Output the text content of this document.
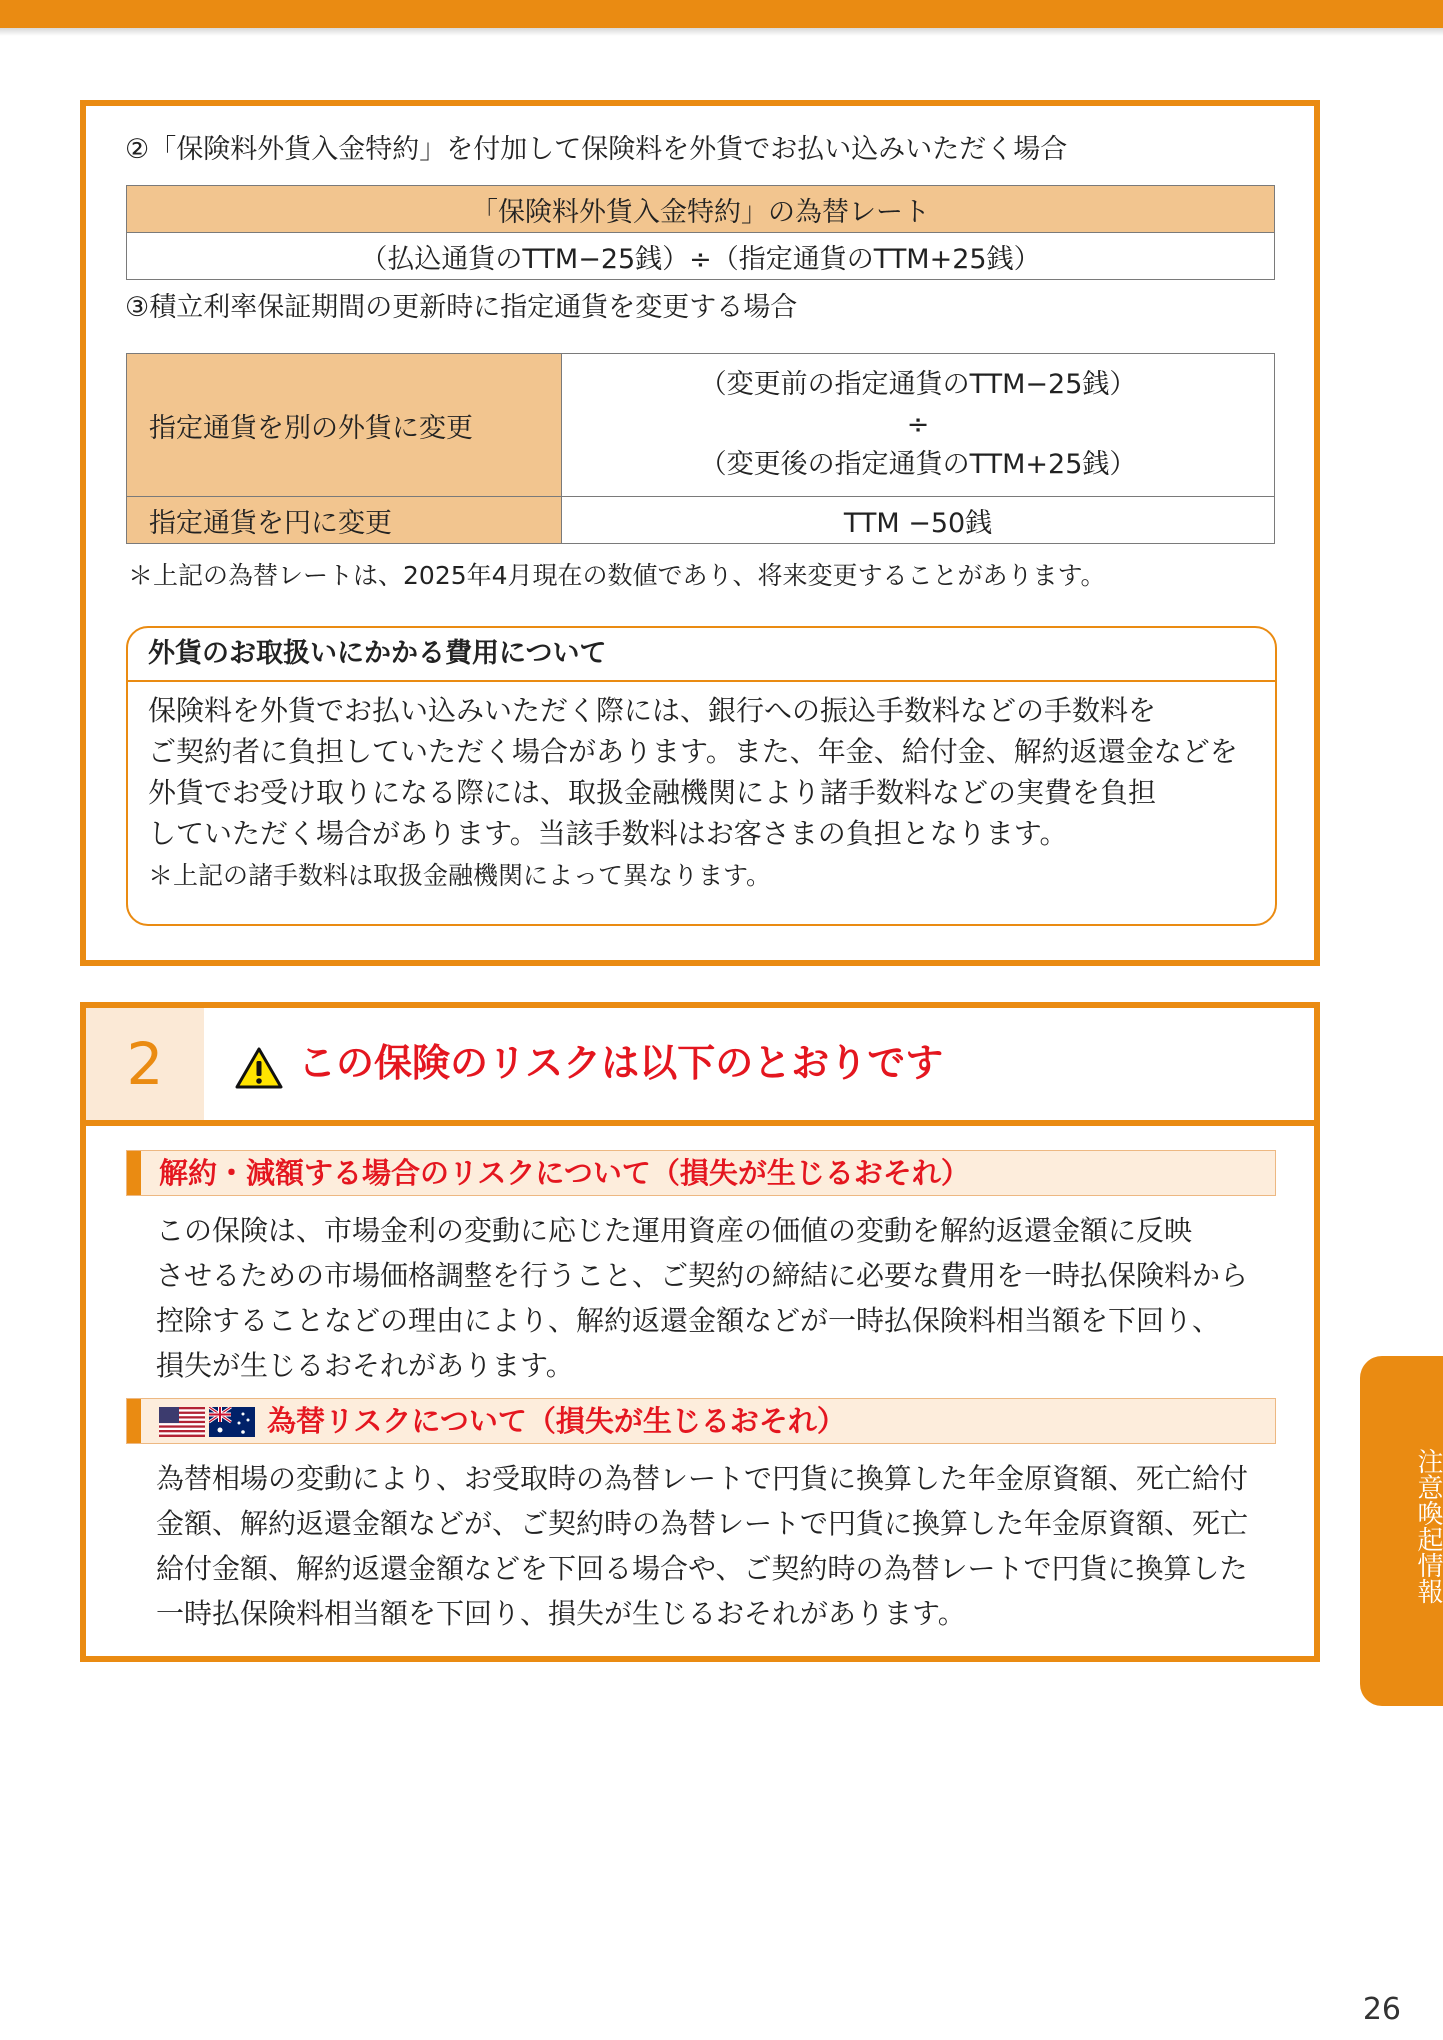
②「保険料外貨入金特約」を付加して保険料を外貨でお払い込みいただく場合
「保険料外貨入金特約」の為替レート
（払込通貨のTTM−25銭）÷（指定通貨のTTM+25銭）
③積立利率保証期間の更新時に指定通貨を変更する場合
指定通貨を別の外貨に変更	（変更前の指定通貨のTTM−25銭）
÷
（変更後の指定通貨のTTM+25銭）

指定通貨を円に変更	TTM −50銭
＊上記の為替レートは、2025年4月現在の数値であり、将来変更することがあります。
外貨のお取扱いにかかる費用について
保険料を外貨でお払い込みいただく際には、銀行への振込手数料などの手数料を
ご契約者に負担していただく場合があります。また、年金、給付金、解約返還金などを
外貨でお受け取りになる際には、取扱金融機関により諸手数料などの実費を負担
していただく場合があります。当該手数料はお客さまの負担となります。
＊上記の諸手数料は取扱金融機関によって異なります。
2	この保険のリスクは以下のとおりです
解約・減額する場合のリスクについて（損失が生じるおそれ）
この保険は、市場金利の変動に応じた運用資産の価値の変動を解約返還金額に反映
させるための市場価格調整を行うこと、ご契約の締結に必要な費用を一時払保険料から
控除することなどの理由により、解約返還金額などが一時払保険料相当額を下回り、
損失が生じるおそれがあります。
為替リスクについて（損失が生じるおそれ）
為替相場の変動により、お受取時の為替レートで円貨に換算した年金原資額、死亡給付
金額、解約返還金額などが、ご契約時の為替レートで円貨に換算した年金原資額、死亡
給付金額、解約返還金額などを下回る場合や、ご契約時の為替レートで円貨に換算した
一時払保険料相当額を下回り、損失が生じるおそれがあります。
注意喚起情報
26
